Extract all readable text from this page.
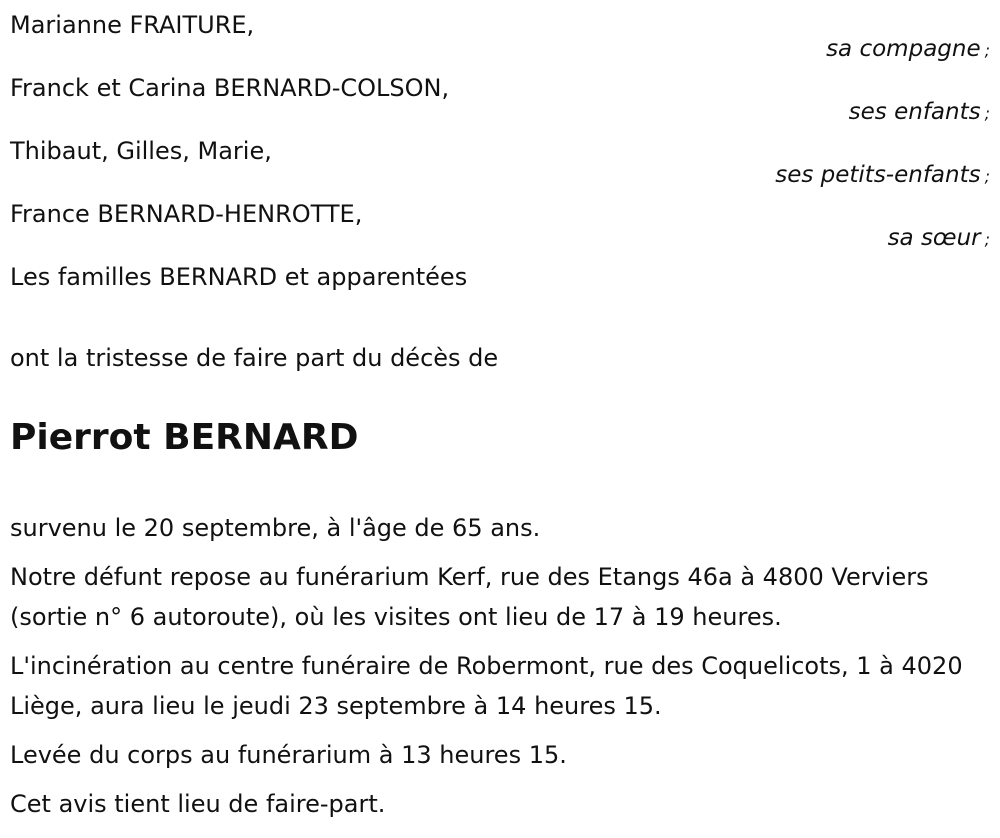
Marianne FRAITURE,
sa compagne ;
Franck et Carina BERNARD-COLSON,
ses enfants ;
Thibaut, Gilles, Marie,
ses petits-enfants ;
France BERNARD-HENROTTE,
sa sœur ;
Les familles BERNARD et apparentées
ont la tristesse de faire part du décès de
Pierrot BERNARD

survenu le 20 septembre, à l'âge de 65 ans.

Notre défunt repose au funérarium Kerf, rue des Etangs 46a à 4800 Verviers (sortie n° 6 autoroute), où les visites ont lieu de 17 à 19 heures.

L'incinération au centre funéraire de Robermont, rue des Coquelicots, 1 à 4020 Liège, aura lieu le jeudi 23 septembre à 14 heures 15.

Levée du corps au funérarium à 13 heures 15.

Cet avis tient lieu de faire-part.
